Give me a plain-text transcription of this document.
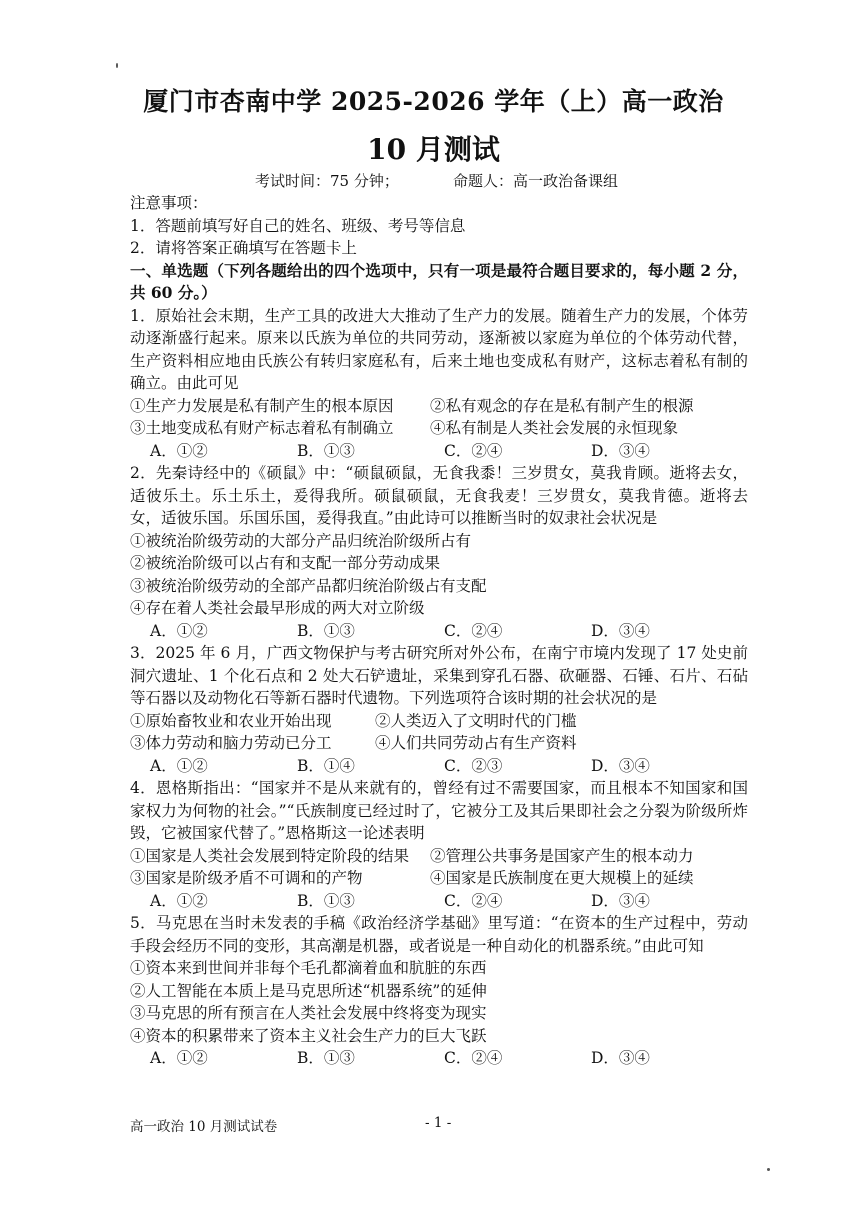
厦门市杏南中学 2025-2026 学年（上）高一政治
10 月测试
考试时间：75 分钟；	命题人：高一政治备课组

注意事项：

1．答题前填写好自己的姓名、班级、考号等信息

2．请将答案正确填写在答题卡上

一、单选题（下列各题给出的四个选项中，只有一项是最符合题目要求的，每小题 2 分，共 60 分。）

1．原始社会末期，生产工具的改进大大推动了生产力的发展。随着生产力的发展，个体劳动逐渐盛行起来。原来以氏族为单位的共同劳动，逐渐被以家庭为单位的个体劳动代替，生产资料相应地由氏族公有转归家庭私有，后来土地也变成私有财产，这标志着私有制的确立。由此可见

①生产力发展是私有制产生的根本原因	②私有观念的存在是私有制产生的根源
③土地变成私有财产标志着私有制确立	④私有制是人类社会发展的永恒现象
A．①②	B．①③	C．②④	D．③④

2．先秦诗经中的《硕鼠》中：“硕鼠硕鼠，无食我黍！三岁贯女，莫我肯顾。逝将去女，适彼乐土。乐土乐土，爰得我所。硕鼠硕鼠，无食我麦！三岁贯女，莫我肯德。逝将去女，适彼乐国。乐国乐国，爰得我直。”由此诗可以推断当时的奴隶社会状况是

①被统治阶级劳动的大部分产品归统治阶级所占有

②被统治阶级可以占有和支配一部分劳动成果

③被统治阶级劳动的全部产品都归统治阶级占有支配

④存在着人类社会最早形成的两大对立阶级

A．①②	B．①③	C．②④	D．③④

3．2025 年 6 月，广西文物保护与考古研究所对外公布，在南宁市境内发现了 17 处史前洞穴遗址、1 个化石点和 2 处大石铲遗址，采集到穿孔石器、砍砸器、石锤、石片、石砧等石器以及动物化石等新石器时代遗物。下列选项符合该时期的社会状况的是

①原始畜牧业和农业开始出现	②人类迈入了文明时代的门槛
③体力劳动和脑力劳动已分工	④人们共同劳动占有生产资料
A．①②	B．①④	C．②③	D．③④

4．恩格斯指出：“国家并不是从来就有的，曾经有过不需要国家，而且根本不知国家和国家权力为何物的社会。”“氏族制度已经过时了，它被分工及其后果即社会之分裂为阶级所炸毁，它被国家代替了。”恩格斯这一论述表明

①国家是人类社会发展到特定阶段的结果	②管理公共事务是国家产生的根本动力
③国家是阶级矛盾不可调和的产物	④国家是氏族制度在更大规模上的延续
A．①②	B．①③	C．②④	D．③④

5．马克思在当时未发表的手稿《政治经济学基础》里写道：“在资本的生产过程中，劳动手段会经历不同的变形，其高潮是机器，或者说是一种自动化的机器系统。”由此可知

①资本来到世间并非每个毛孔都滴着血和肮脏的东西

②人工智能在本质上是马克思所述“机器系统”的延伸

③马克思的所有预言在人类社会发展中终将变为现实

④资本的积累带来了资本主义社会生产力的巨大飞跃

A．①②	B．①③	C．②④	D．③④
高一政治 10 月测试试卷	- 1 -
